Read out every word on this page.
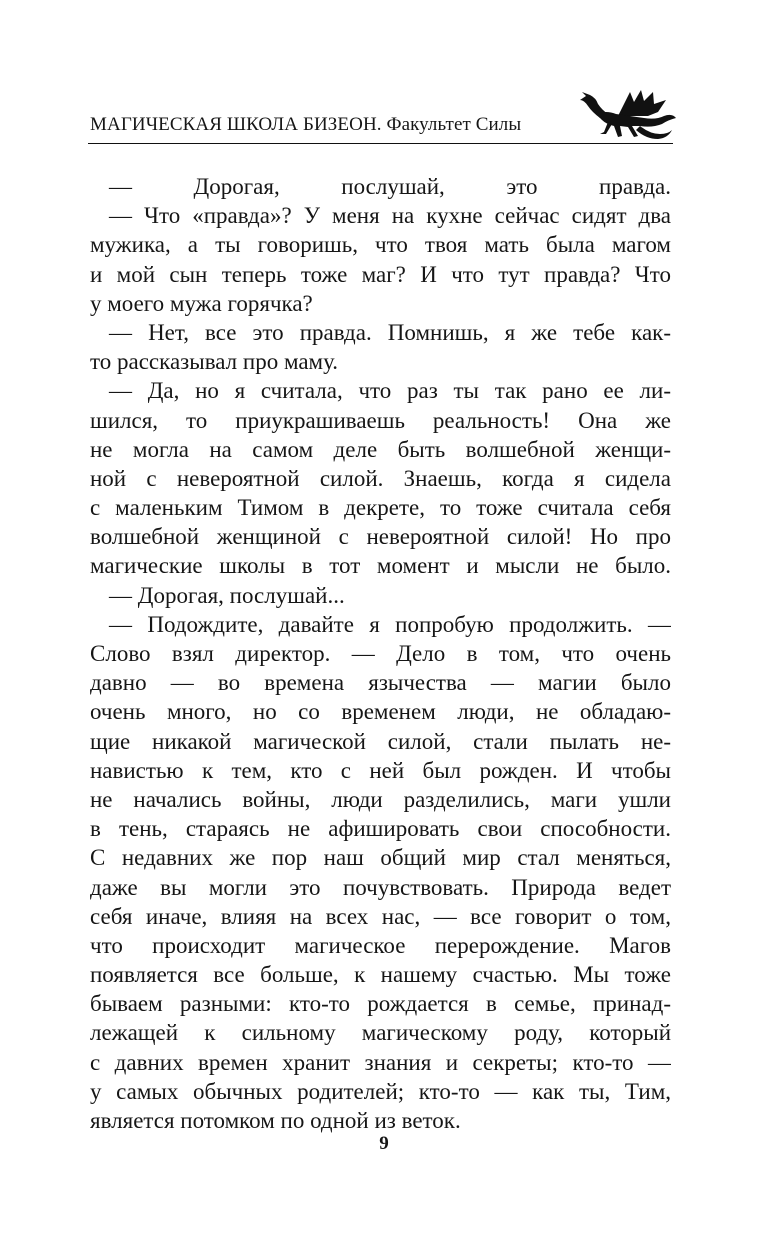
МАГИЧЕСКАЯ ШКОЛА БИЗЕОН. Факультет Силы
— Дорогая, послушай, это правда.
— Что «правда»? У меня на кухне сейчас сидят два
мужика, а ты говоришь, что твоя мать была магом
и мой сын теперь тоже маг? И что тут правда? Что
у моего мужа горячка?
— Нет, все это правда. Помнишь, я же тебе как-
то рассказывал про маму.
— Да, но я считала, что раз ты так рано ее ли-
шился, то приукрашиваешь реальность! Она же
не могла на самом деле быть волшебной женщи-
ной с невероятной силой. Знаешь, когда я сидела
с маленьким Тимом в декрете, то тоже считала себя
волшебной женщиной с невероятной силой! Но про
магические школы в тот момент и мысли не было.
— Дорогая, послушай...
— Подождите, давайте я попробую продолжить. —
Слово взял директор. — Дело в том, что очень
давно — во времена язычества — магии было
очень много, но со временем люди, не обладаю-
щие никакой магической силой, стали пылать не-
навистью к тем, кто с ней был рожден. И чтобы
не начались войны, люди разделились, маги ушли
в тень, стараясь не афишировать свои способности.
С недавних же пор наш общий мир стал меняться,
даже вы могли это почувствовать. Природа ведет
себя иначе, влияя на всех нас, — все говорит о том,
что происходит магическое перерождение. Магов
появляется все больше, к нашему счастью. Мы тоже
бываем разными: кто-то рождается в семье, принад-
лежащей к сильному магическому роду, который
с давних времен хранит знания и секреты; кто-то —
у самых обычных родителей; кто-то — как ты, Тим,
является потомком по одной из веток.
9
